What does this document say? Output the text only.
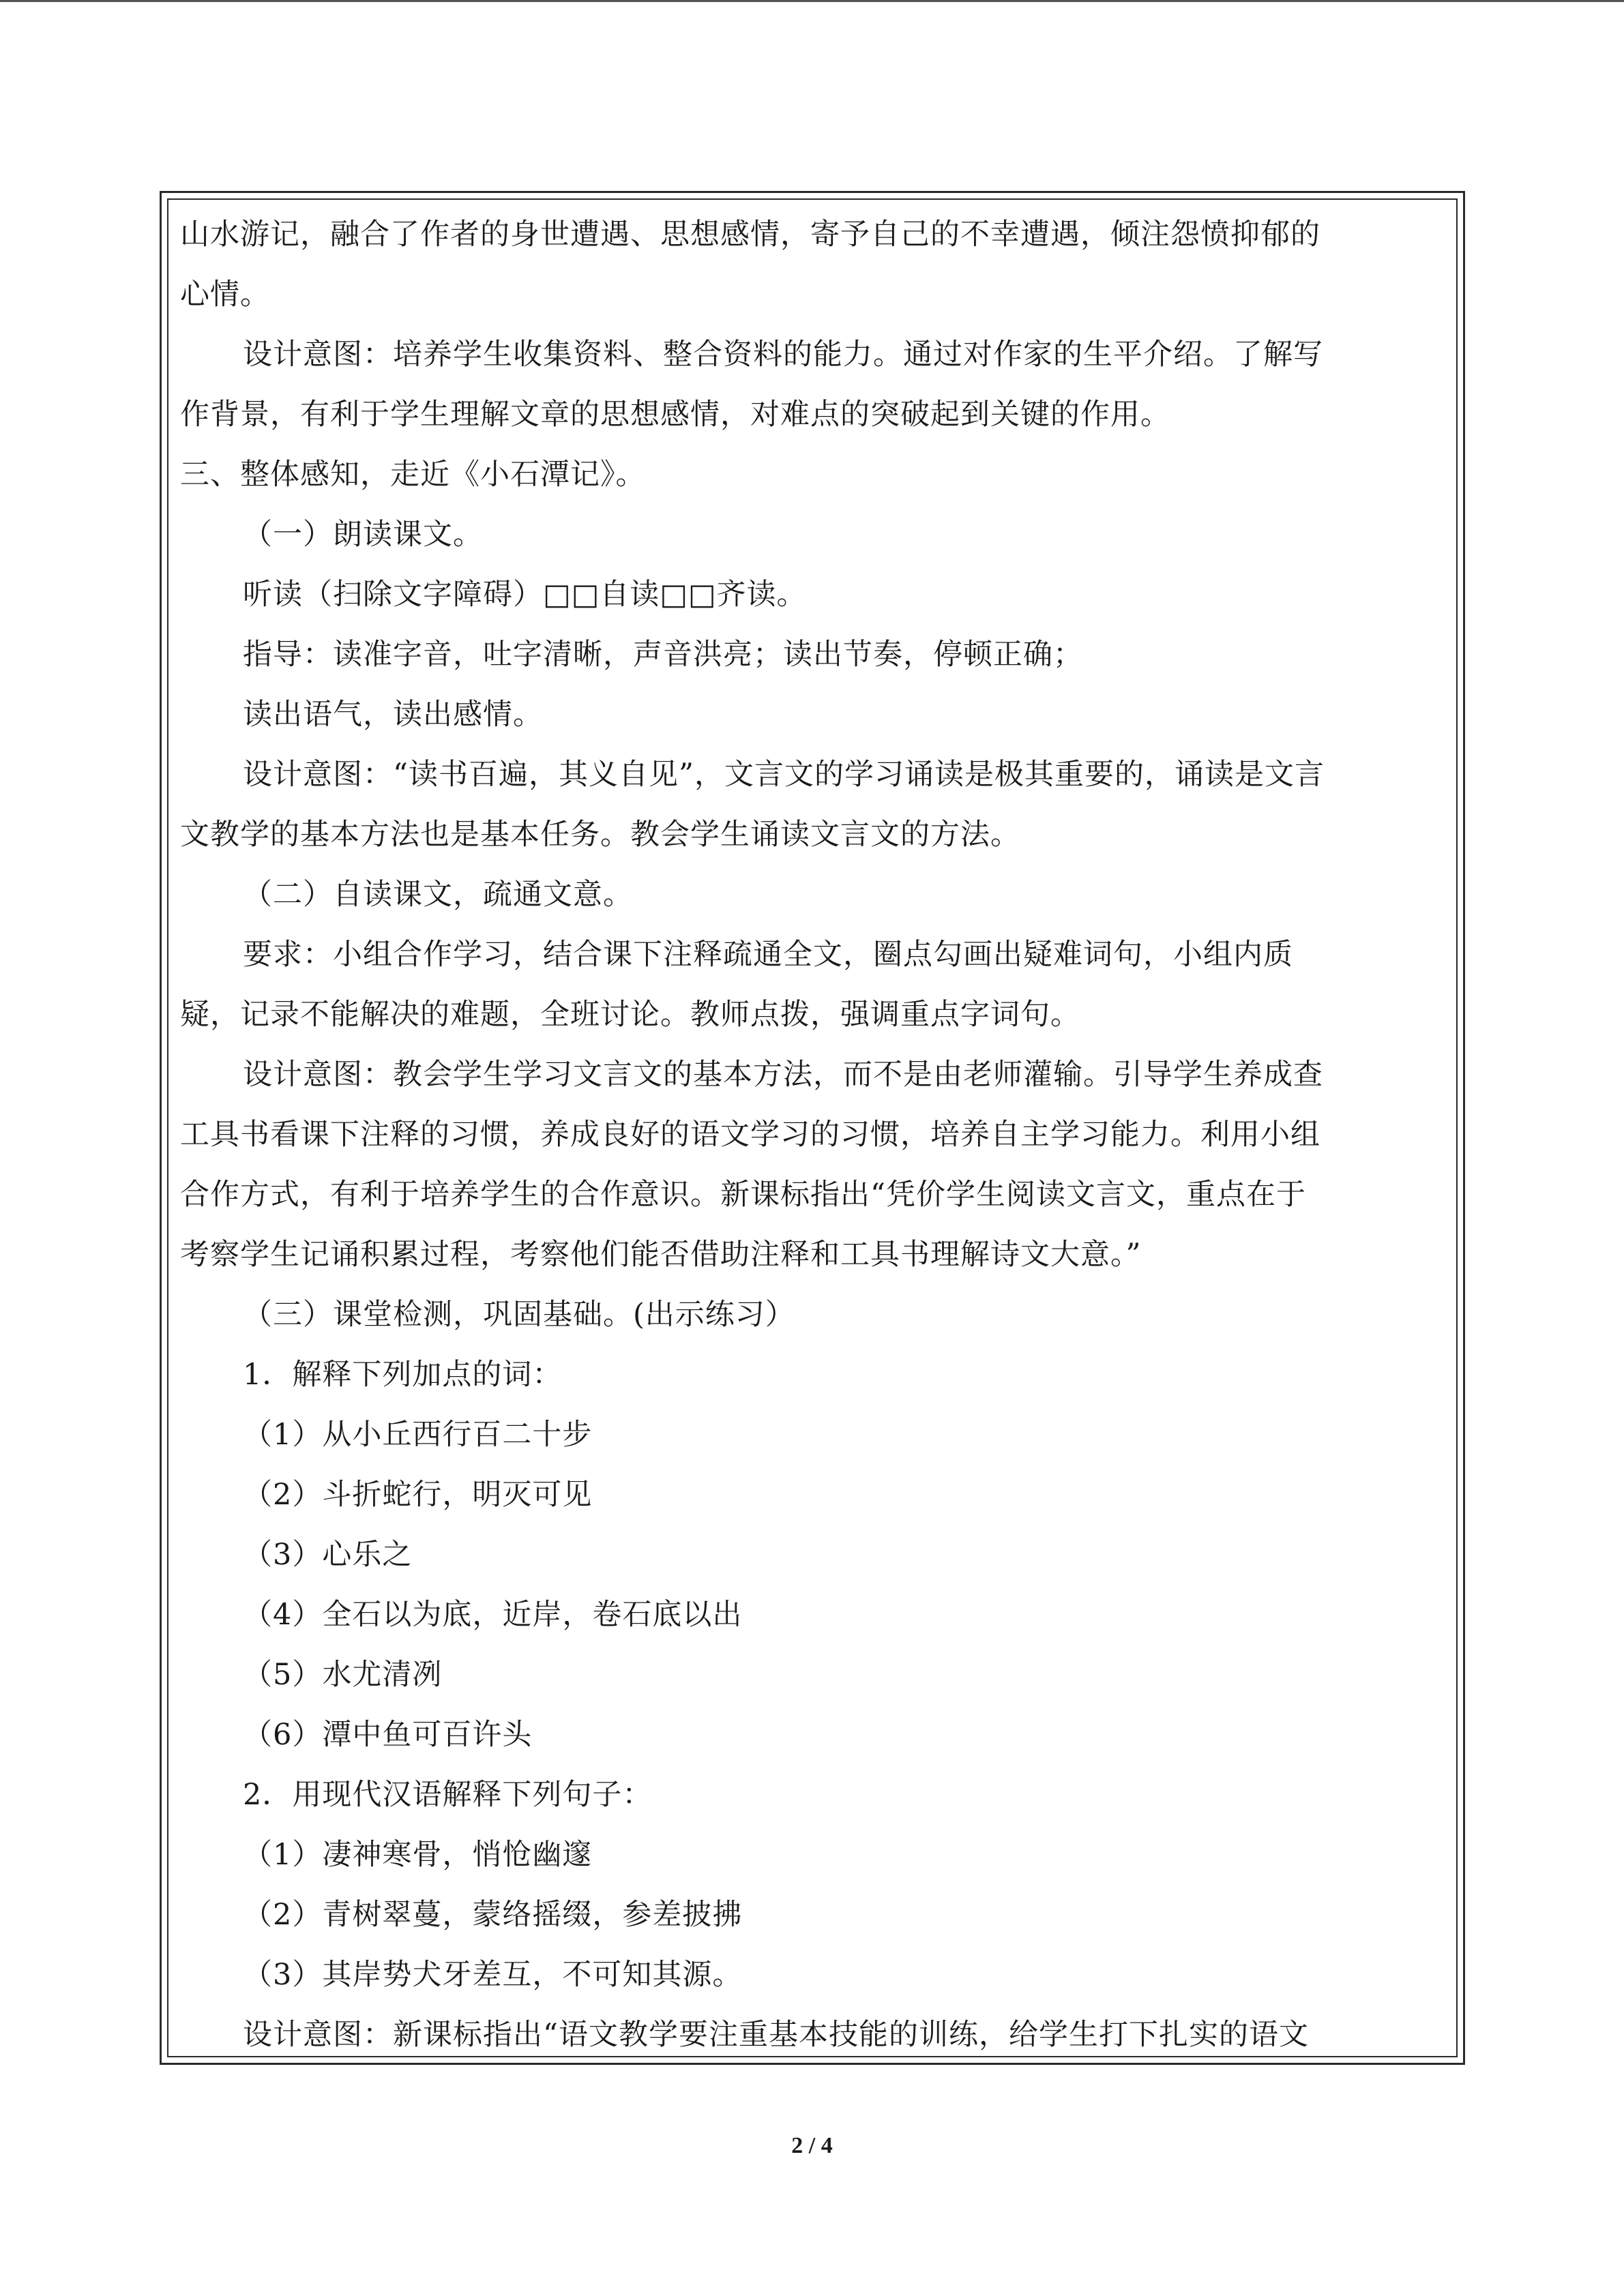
山水游记，融合了作者的身世遭遇、思想感情，寄予自己的不幸遭遇，倾注怨愤抑郁的
心情。
设计意图：培养学生收集资料、整合资料的能力。通过对作家的生平介绍。了解写
作背景，有利于学生理解文章的思想感情，对难点的突破起到关键的作用。
三、整体感知，走近《小石潭记》。
（一）朗读课文。
听读（扫除文字障碍）□□自读□□齐读。
指导：读准字音，吐字清晰，声音洪亮；读出节奏，停顿正确；
读出语气，读出感情。
设计意图：“读书百遍，其义自见”，文言文的学习诵读是极其重要的，诵读是文言
文教学的基本方法也是基本任务。教会学生诵读文言文的方法。
（二）自读课文，疏通文意。
要求：小组合作学习，结合课下注释疏通全文，圈点勾画出疑难词句，小组内质
疑，记录不能解决的难题，全班讨论。教师点拨，强调重点字词句。
设计意图：教会学生学习文言文的基本方法，而不是由老师灌输。引导学生养成查
工具书看课下注释的习惯，养成良好的语文学习的习惯，培养自主学习能力。利用小组
合作方式，有利于培养学生的合作意识。新课标指出“凭价学生阅读文言文，重点在于
考察学生记诵积累过程，考察他们能否借助注释和工具书理解诗文大意。”
（三）课堂检测，巩固基础。(出示练习）
1．解释下列加点的词：
（1）从小丘西行百二十步
（2）斗折蛇行，明灭可见
（3）心乐之
（4）全石以为底，近岸，卷石底以出
（5）水尤清冽
（6）潭中鱼可百许头
2．用现代汉语解释下列句子：
（1）凄神寒骨，悄怆幽邃
（2）青树翠蔓，蒙络摇缀，参差披拂
（3）其岸势犬牙差互，不可知其源。
设计意图：新课标指出“语文教学要注重基本技能的训练，给学生打下扎实的语文
2 / 4
